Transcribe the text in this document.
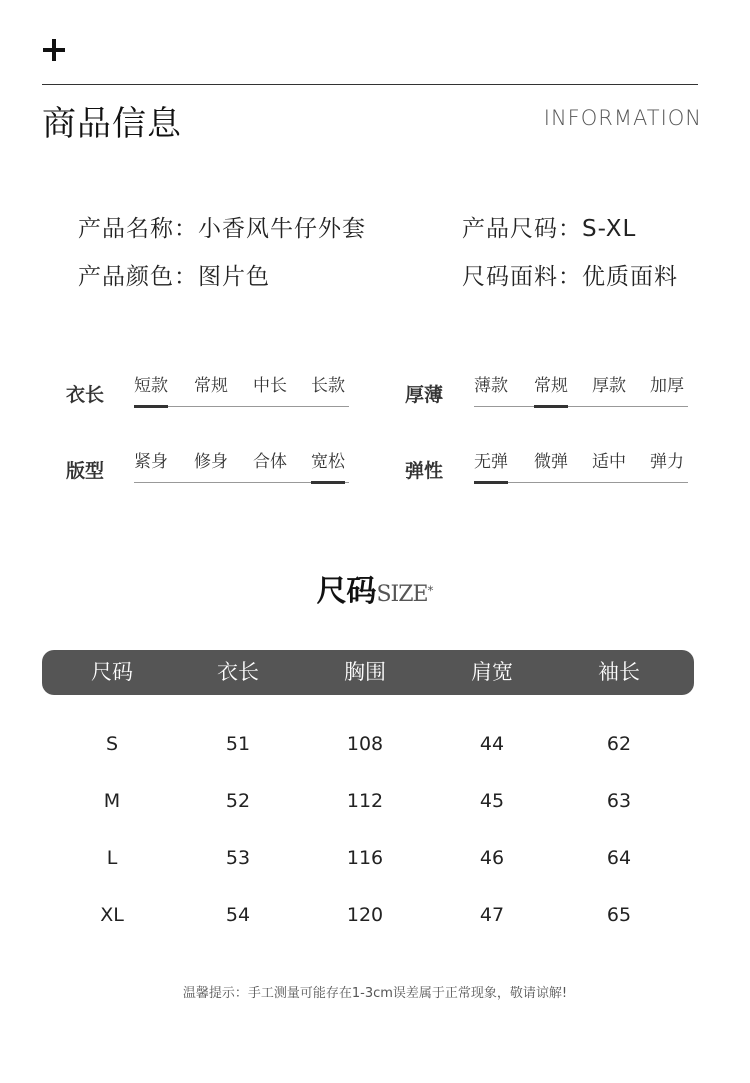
商品信息	INFORMATION
产品名称：小香风牛仔外套	产品尺码：S-XL
产品颜色：图片色	尺码面料：优质面料
衣长 短款 常规 中长 长款	厚薄 薄款 常规 厚款 加厚
版型 紧身 修身 合体 宽松	弹性 无弹 微弹 适中 弹力
尺码SIZE*
尺码	衣长	胸围	肩宽	袖长
S	51	108	44	62
M	52	112	45	63
L	53	116	46	64
XL	54	120	47	65
温馨提示：手工测量可能存在1-3cm误差属于正常现象，敬请谅解!
